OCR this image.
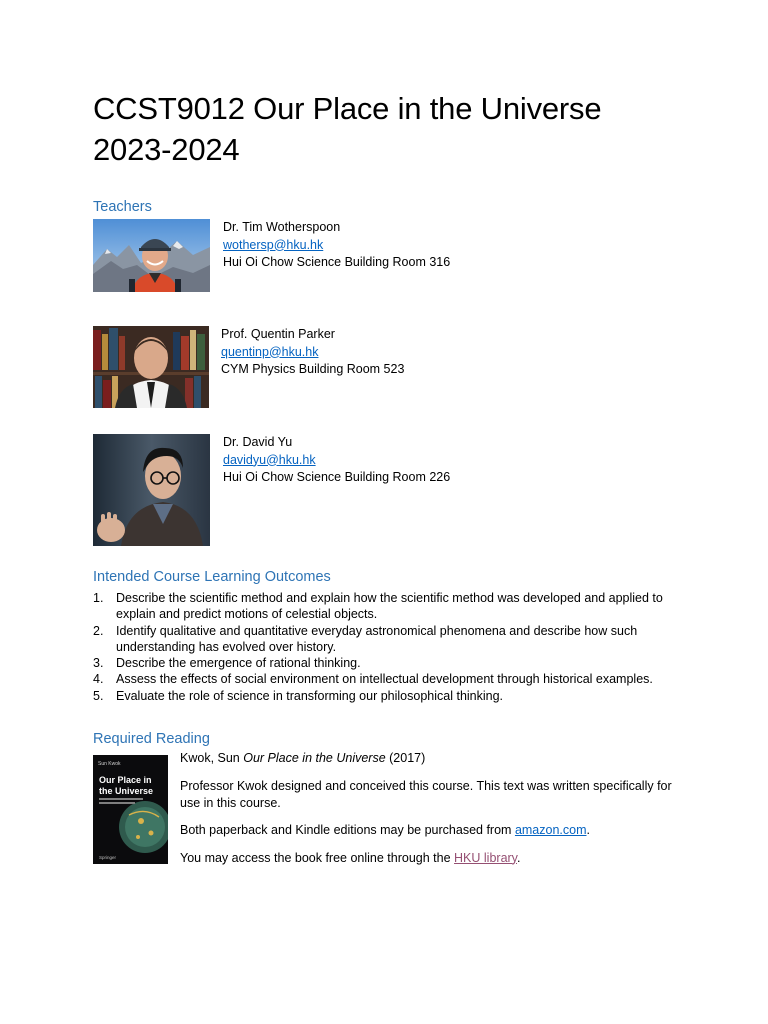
CCST9012 Our Place in the Universe
2023-2024
Teachers
Dr. Tim Wotherspoon
wothersp@hku.hk
Hui Oi Chow Science Building Room 316
Prof. Quentin Parker
quentinp@hku.hk
CYM Physics Building Room 523
Dr. David Yu
davidyu@hku.hk
Hui Oi Chow Science Building Room 226
Intended Course Learning Outcomes
1. Describe the scientific method and explain how the scientific method was developed and applied to explain and predict motions of celestial objects.
2. Identify qualitative and quantitative everyday astronomical phenomena and describe how such understanding has evolved over history.
3. Describe the emergence of rational thinking.
4. Assess the effects of social environment on intellectual development through historical examples.
5. Evaluate the role of science in transforming our philosophical thinking.
Required Reading
Sun Kwok
Our Place in
the Universe
Springer

Kwok, Sun Our Place in the Universe (2017)

Professor Kwok designed and conceived this course. This text was written specifically for use in this course.

Both paperback and Kindle editions may be purchased from amazon.com.

You may access the book free online through the HKU library.
